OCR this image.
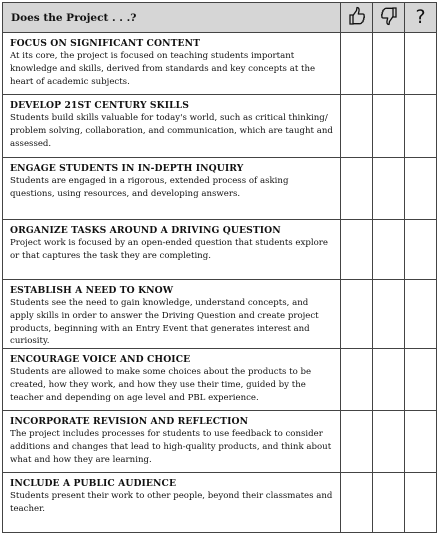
Does the Project . . .?			?

FOCUS ON SIGNIFICANT CONTENT
At its core, the project is focused on teaching students important knowledge and skills, derived from standards and key concepts at the heart of academic subjects.			

DEVELOP 21ST CENTURY SKILLS
Students build skills valuable for today's world, such as critical thinking/ problem solving, collaboration, and communication, which are taught and assessed.			

ENGAGE STUDENTS IN IN-DEPTH INQUIRY
Students are engaged in a rigorous, extended process of asking questions, using resources, and developing answers.			

ORGANIZE TASKS AROUND A DRIVING QUESTION
Project work is focused by an open-ended question that students explore or that captures the task they are completing.			

ESTABLISH A NEED TO KNOW
Students see the need to gain knowledge, understand concepts, and apply skills in order to answer the Driving Question and create project products, beginning with an Entry Event that generates interest and curiosity.			

ENCOURAGE VOICE AND CHOICE
Students are allowed to make some choices about the products to be created, how they work, and how they use their time, guided by the teacher and depending on age level and PBL experience.			

INCORPORATE REVISION AND REFLECTION
The project includes processes for students to use feedback to consider additions and changes that lead to high-quality products, and think about what and how they are learning.			

INCLUDE A PUBLIC AUDIENCE
Students present their work to other people, beyond their classmates and teacher.			
